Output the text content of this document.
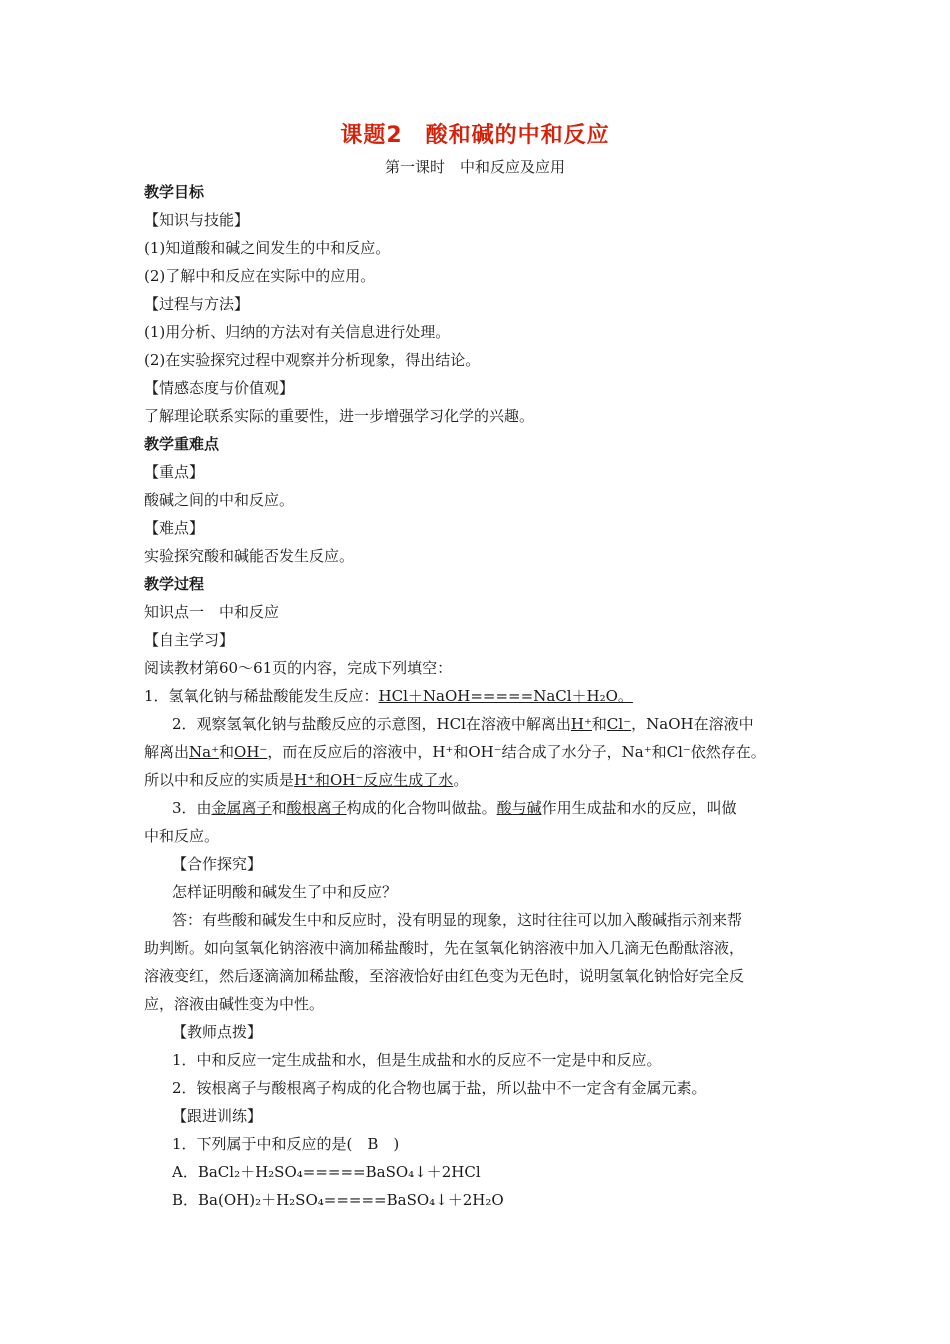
课题2　酸和碱的中和反应
第一课时　中和反应及应用
教学目标
【知识与技能】
(1)知道酸和碱之间发生的中和反应。
(2)了解中和反应在实际中的应用。
【过程与方法】
(1)用分析、归纳的方法对有关信息进行处理。
(2)在实验探究过程中观察并分析现象，得出结论。
【情感态度与价值观】
了解理论联系实际的重要性，进一步增强学习化学的兴趣。
教学重难点
【重点】
酸碱之间的中和反应。
【难点】
实验探究酸和碱能否发生反应。
教学过程
知识点一　中和反应
【自主学习】
阅读教材第60～61页的内容，完成下列填空：
1．氢氧化钠与稀盐酸能发生反应：HCl＋NaOH=====NaCl＋H₂O。
2．观察氢氧化钠与盐酸反应的示意图，HCl在溶液中解离出H⁺和Cl⁻，NaOH在溶液中
解离出Na⁺和OH⁻，而在反应后的溶液中，H⁺和OH⁻结合成了水分子，Na⁺和Cl⁻依然存在。
所以中和反应的实质是H⁺和OH⁻反应生成了水。
3．由金属离子和酸根离子构成的化合物叫做盐。酸与碱作用生成盐和水的反应，叫做
中和反应。
【合作探究】
怎样证明酸和碱发生了中和反应？
答：有些酸和碱发生中和反应时，没有明显的现象，这时往往可以加入酸碱指示剂来帮
助判断。如向氢氧化钠溶液中滴加稀盐酸时，先在氢氧化钠溶液中加入几滴无色酚酞溶液，
溶液变红，然后逐滴滴加稀盐酸，至溶液恰好由红色变为无色时，说明氢氧化钠恰好完全反
应，溶液由碱性变为中性。
【教师点拨】
1．中和反应一定生成盐和水，但是生成盐和水的反应不一定是中和反应。
2．铵根离子与酸根离子构成的化合物也属于盐，所以盐中不一定含有金属元素。
【跟进训练】
1．下列属于中和反应的是(　B　)
A．BaCl₂＋H₂SO₄=====BaSO₄↓＋2HCl
B．Ba(OH)₂＋H₂SO₄=====BaSO₄↓＋2H₂O
